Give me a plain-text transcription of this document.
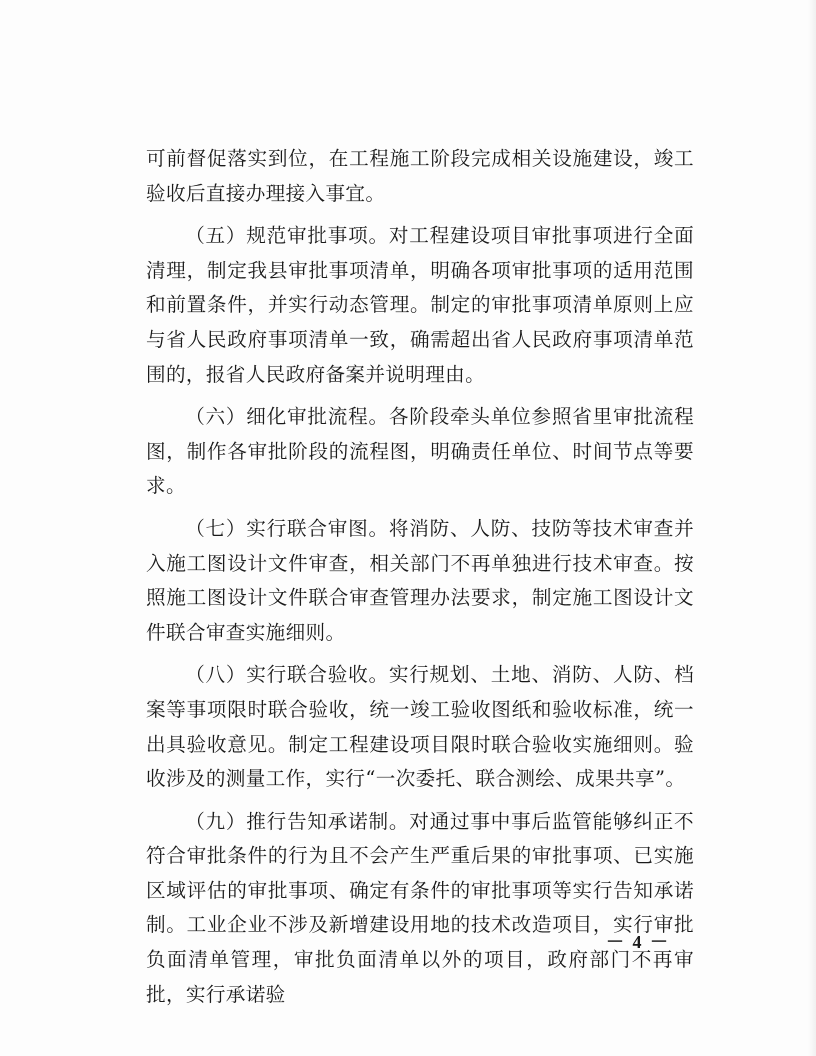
可前督促落实到位，在工程施工阶段完成相关设施建设，竣工验收后直接办理接入事宜。

（五）规范审批事项。对工程建设项目审批事项进行全面清理，制定我县审批事项清单，明确各项审批事项的适用范围和前置条件，并实行动态管理。制定的审批事项清单原则上应与省人民政府事项清单一致，确需超出省人民政府事项清单范围的，报省人民政府备案并说明理由。

（六）细化审批流程。各阶段牵头单位参照省里审批流程图，制作各审批阶段的流程图，明确责任单位、时间节点等要求。

（七）实行联合审图。将消防、人防、技防等技术审查并入施工图设计文件审查，相关部门不再单独进行技术审查。按照施工图设计文件联合审查管理办法要求，制定施工图设计文件联合审查实施细则。

（八）实行联合验收。实行规划、土地、消防、人防、档案等事项限时联合验收，统一竣工验收图纸和验收标准，统一出具验收意见。制定工程建设项目限时联合验收实施细则。验收涉及的测量工作，实行“一次委托、联合测绘、成果共享”。

（九）推行告知承诺制。对通过事中事后监管能够纠正不符合审批条件的行为且不会产生严重后果的审批事项、已实施区域评估的审批事项、确定有条件的审批事项等实行告知承诺制。工业企业不涉及新增建设用地的技术改造项目，实行审批负面清单管理，审批负面清单以外的项目，政府部门不再审批，实行承诺验

－ 4 －
